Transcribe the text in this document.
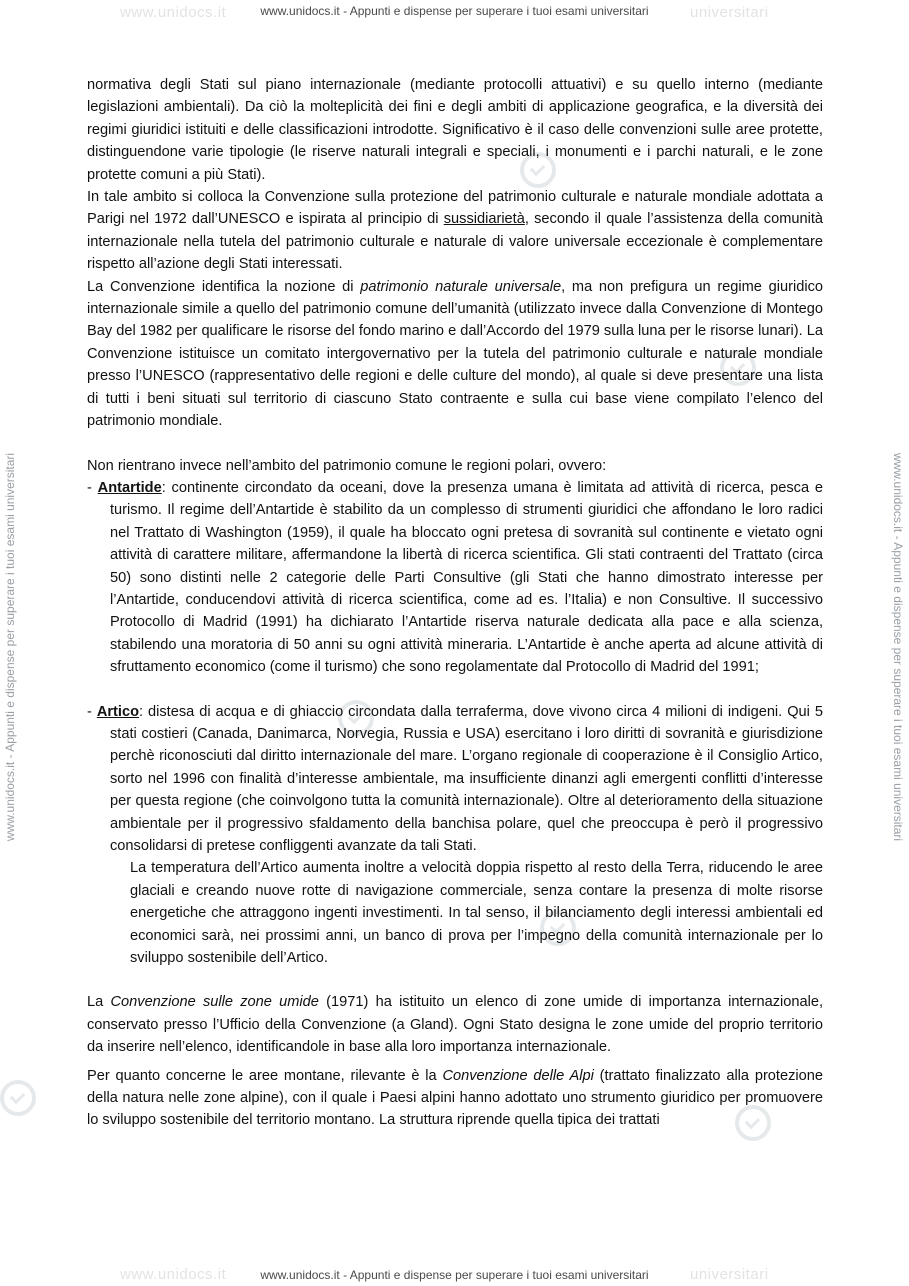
www.unidocs.it	universitari
www.unidocs.it - Appunti e dispense per superare i tuoi esami universitari
www.unidocs.it - Appunti e dispense per superare i tuoi esami universitari	www.unidocs.it - Appunti e dispense per superare i tuoi esami universitari

normativa degli Stati sul piano internazionale (mediante protocolli attuativi) e su quello interno (mediante legislazioni ambientali). Da ciò la molteplicità dei fini e degli ambiti di applicazione geografica, e la diversità dei regimi giuridici istituiti e delle classificazioni introdotte. Significativo è il caso delle convenzioni sulle aree protette, distinguendone varie tipologie (le riserve naturali integrali e speciali, i monumenti e i parchi naturali, e le zone protette comuni a più Stati).

In tale ambito si colloca la Convenzione sulla protezione del patrimonio culturale e naturale mondiale adottata a Parigi nel 1972 dall’UNESCO e ispirata al principio di sussidiarietà, secondo il quale l’assistenza della comunità internazionale nella tutela del patrimonio culturale e naturale di valore universale eccezionale è complementare rispetto all’azione degli Stati interessati.

La Convenzione identifica la nozione di patrimonio naturale universale, ma non prefigura un regime giuridico internazionale simile a quello del patrimonio comune dell’umanità (utilizzato invece dalla Convenzione di Montego Bay del 1982 per qualificare le risorse del fondo marino e dall’Accordo del 1979 sulla luna per le risorse lunari). La Convenzione istituisce un comitato intergovernativo per la tutela del patrimonio culturale e naturale mondiale presso l’UNESCO (rappresentativo delle regioni e delle culture del mondo), al quale si deve presentare una lista di tutti i beni situati sul territorio di ciascuno Stato contraente e sulla cui base viene compilato l’elenco del patrimonio mondiale.

Non rientrano invece nell’ambito del patrimonio comune le regioni polari, ovvero:

- Antartide: continente circondato da oceani, dove la presenza umana è limitata ad attività di ricerca, pesca e turismo. Il regime dell’Antartide è stabilito da un complesso di strumenti giuridici che affondano le loro radici nel Trattato di Washington (1959), il quale ha bloccato ogni pretesa di sovranità sul continente e vietato ogni attività di carattere militare, affermandone la libertà di ricerca scientifica. Gli stati contraenti del Trattato (circa 50) sono distinti nelle 2 categorie delle Parti Consultive (gli Stati che hanno dimostrato interesse per l’Antartide, conducendovi attività di ricerca scientifica, come ad es. l’Italia) e non Consultive. Il successivo Protocollo di Madrid (1991) ha dichiarato l’Antartide riserva naturale dedicata alla pace e alla scienza, stabilendo una moratoria di 50 anni su ogni attività mineraria. L’Antartide è anche aperta ad alcune attività di sfruttamento economico (come il turismo) che sono regolamentate dal Protocollo di Madrid del 1991;

- Artico: distesa di acqua e di ghiaccio circondata dalla terraferma, dove vivono circa 4 milioni di indigeni. Qui 5 stati costieri (Canada, Danimarca, Norvegia, Russia e USA) esercitano i loro diritti di sovranità e giurisdizione perchè riconosciuti dal diritto internazionale del mare. L’organo regionale di cooperazione è il Consiglio Artico, sorto nel 1996 con finalità d’interesse ambientale, ma insufficiente dinanzi agli emergenti conflitti d’interesse per questa regione (che coinvolgono tutta la comunità internazionale). Oltre al deterioramento della situazione ambientale per il progressivo sfaldamento della banchisa polare, quel che preoccupa è però il progressivo consolidarsi di pretese confliggenti avanzate da tali Stati.

La temperatura dell’Artico aumenta inoltre a velocità doppia rispetto al resto della Terra, riducendo le aree glaciali e creando nuove rotte di navigazione commerciale, senza contare la presenza di molte risorse energetiche che attraggono ingenti investimenti. In tal senso, il bilanciamento degli interessi ambientali ed economici sarà, nei prossimi anni, un banco di prova per l’impegno della comunità internazionale per lo sviluppo sostenibile dell’Artico.

La Convenzione sulle zone umide (1971) ha istituito un elenco di zone umide di importanza internazionale, conservato presso l’Ufficio della Convenzione (a Gland). Ogni Stato designa le zone umide del proprio territorio da inserire nell’elenco, identificandole in base alla loro importanza internazionale.

Per quanto concerne le aree montane, rilevante è la Convenzione delle Alpi (trattato finalizzato alla protezione della natura nelle zone alpine), con il quale i Paesi alpini hanno adottato uno strumento giuridico per promuovere lo sviluppo sostenibile del territorio montano. La struttura riprende quella tipica dei trattati

www.unidocs.it	universitari
www.unidocs.it - Appunti e dispense per superare i tuoi esami universitari
